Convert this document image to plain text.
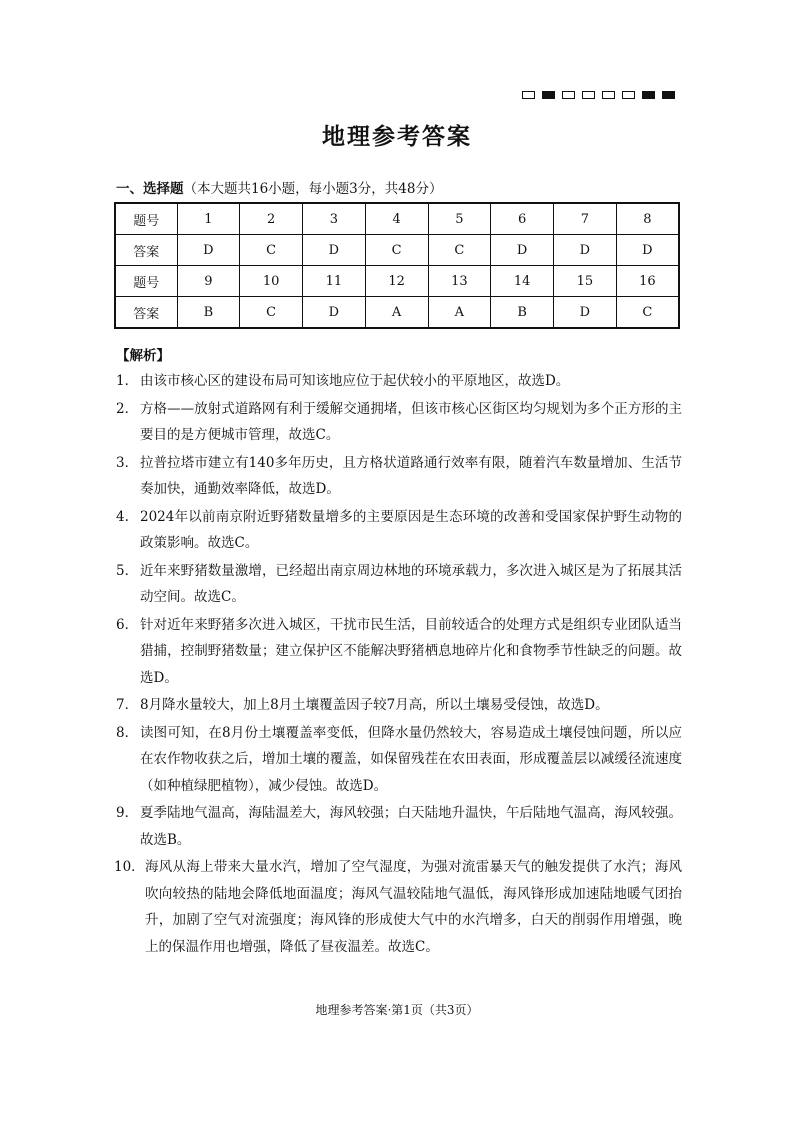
地理参考答案
一、选择题（本大题共16小题，每小题3分，共48分）
题号	1	2	3	4	5	6	7	8
答案	D	C	D	C	C	D	D	D
题号	9	10	11	12	13	14	15	16
答案	B	C	D	A	A	B	D	C
【解析】
1． 由该市核心区的建设布局可知该地应位于起伏较小的平原地区，故选D。
2． 方格——放射式道路网有利于缓解交通拥堵，但该市核心区街区均匀规划为多个正方形的主要目的是方便城市管理，故选C。
3． 拉普拉塔市建立有140多年历史，且方格状道路通行效率有限，随着汽车数量增加、生活节奏加快，通勤效率降低，故选D。
4. 2024年以前南京附近野猪数量增多的主要原因是生态环境的改善和受国家保护野生动物的政策影响。故选C。
5． 近年来野猪数量激增，已经超出南京周边林地的环境承载力，多次进入城区是为了拓展其活动空间。故选C。
6． 针对近年来野猪多次进入城区，干扰市民生活，目前较适合的处理方式是组织专业团队适当猎捕，控制野猪数量；建立保护区不能解决野猪栖息地碎片化和食物季节性缺乏的问题。故选D。
7． 8月降水量较大，加上8月土壤覆盖因子较7月高，所以土壤易受侵蚀，故选D。
8． 读图可知，在8月份土壤覆盖率变低，但降水量仍然较大，容易造成土壤侵蚀问题，所以应在农作物收获之后，增加土壤的覆盖，如保留残茬在农田表面，形成覆盖层以减缓径流速度（如种植绿肥植物），减少侵蚀。故选D。
9． 夏季陆地气温高，海陆温差大，海风较强；白天陆地升温快，午后陆地气温高，海风较强。故选B。
10． 海风从海上带来大量水汽，增加了空气湿度，为强对流雷暴天气的触发提供了水汽；海风吹向较热的陆地会降低地面温度；海风气温较陆地气温低，海风锋形成加速陆地暖气团抬升，加剧了空气对流强度；海风锋的形成使大气中的水汽增多，白天的削弱作用增强，晚上的保温作用也增强，降低了昼夜温差。故选C。
地理参考答案·第1页（共3页）
